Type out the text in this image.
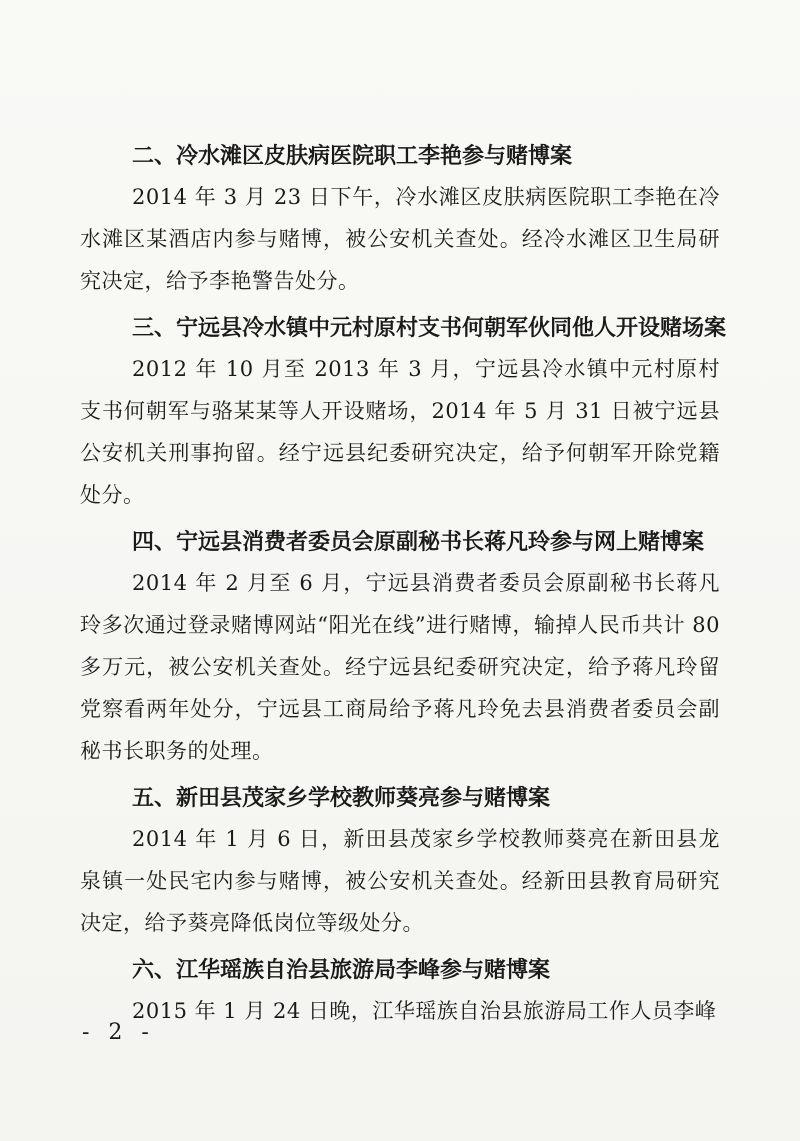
二、冷水滩区皮肤病医院职工李艳参与赌博案

2014 年 3 月 23 日下午，冷水滩区皮肤病医院职工李艳在冷水滩区某酒店内参与赌博，被公安机关查处。经冷水滩区卫生局研究决定，给予李艳警告处分。

三、宁远县冷水镇中元村原村支书何朝军伙同他人开设赌场案

2012 年 10 月至 2013 年 3 月，宁远县冷水镇中元村原村支书何朝军与骆某某等人开设赌场，2014 年 5 月 31 日被宁远县公安机关刑事拘留。经宁远县纪委研究决定，给予何朝军开除党籍处分。

四、宁远县消费者委员会原副秘书长蒋凡玲参与网上赌博案

2014 年 2 月至 6 月，宁远县消费者委员会原副秘书长蒋凡玲多次通过登录赌博网站“阳光在线”进行赌博，输掉人民币共计 80 多万元，被公安机关查处。经宁远县纪委研究决定，给予蒋凡玲留党察看两年处分，宁远县工商局给予蒋凡玲免去县消费者委员会副秘书长职务的处理。

五、新田县茂家乡学校教师葵亮参与赌博案

2014 年 1 月 6 日，新田县茂家乡学校教师葵亮在新田县龙泉镇一处民宅内参与赌博，被公安机关查处。经新田县教育局研究决定，给予葵亮降低岗位等级处分。

六、江华瑶族自治县旅游局李峰参与赌博案

2015 年 1 月 24 日晚，江华瑶族自治县旅游局工作人员李峰

- 2 -
